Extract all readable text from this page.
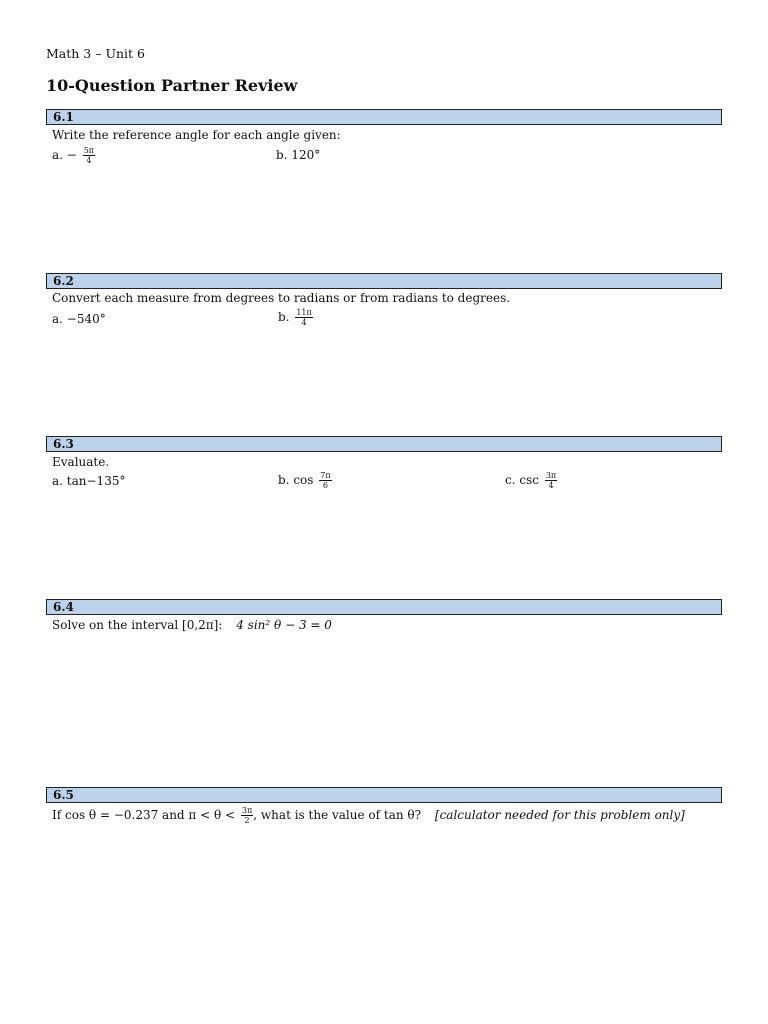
Math 3 – Unit 6
10-Question Partner Review
6.1
Write the reference angle for each angle given:
a. − $\frac{5\pi}{4}$	b. 120°
6.2
Convert each measure from degrees to radians or from radians to degrees.
a. −540°	b. $\frac{11\pi}{4}$
6.3
Evaluate.
a. tan−135°	b. $\cos \frac{7\pi}{6}$	c. $\csc \frac{3\pi}{4}$
6.4
Solve on the interval [0,2π]: 4 sin² θ − 3 = 0
6.5
If cos θ = −0.237 and $\pi < \theta < \frac{3\pi}{2}$ , what is the value of tan θ? [calculator needed for this problem only]
